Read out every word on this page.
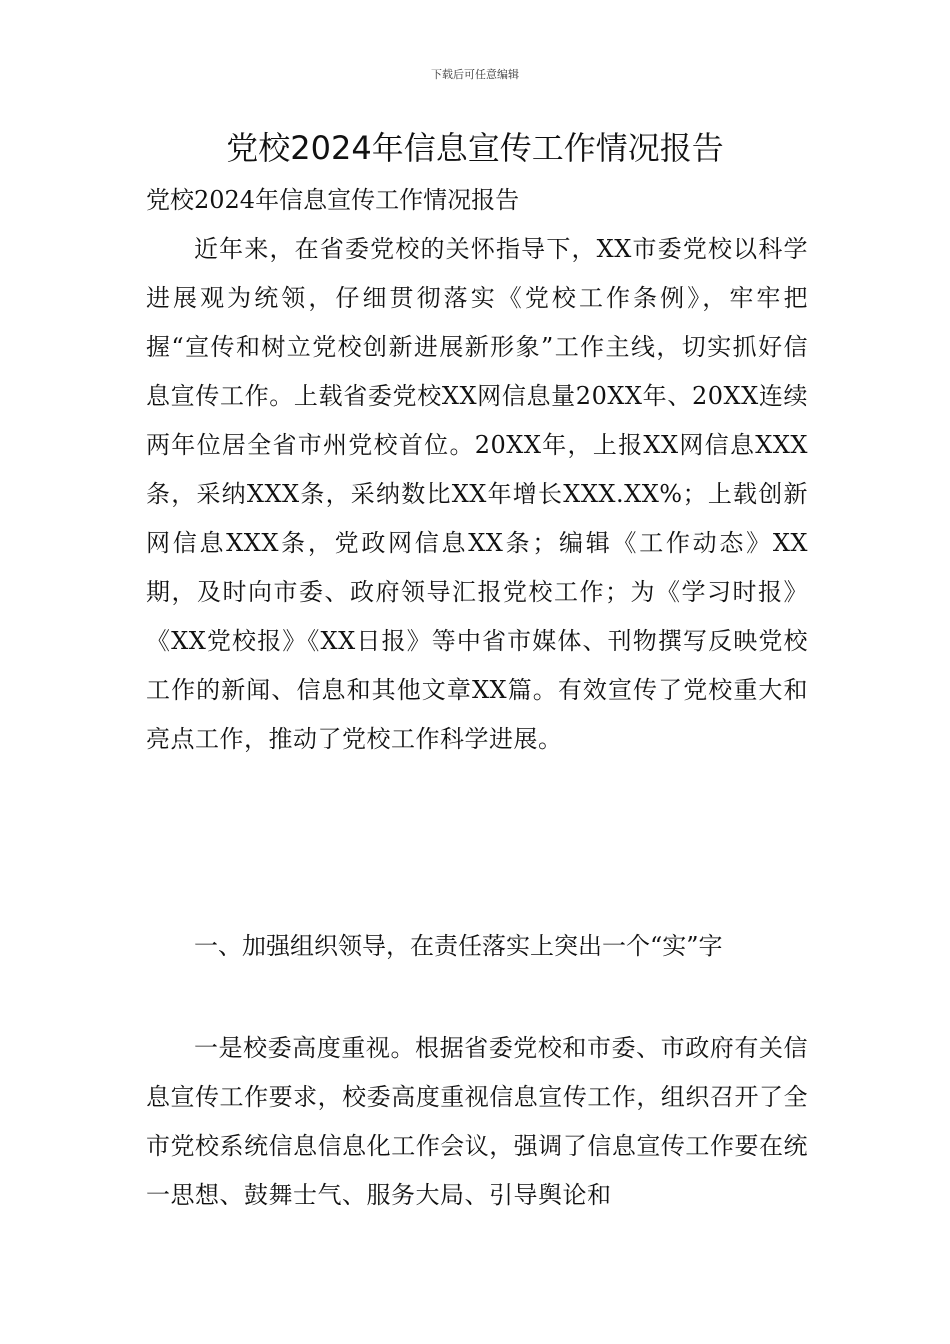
下载后可任意编辑
党校2024年信息宣传工作情况报告
党校2024年信息宣传工作情况报告

近年来，在省委党校的关怀指导下，XX市委党校以科学进展观为统领，仔细贯彻落实《党校工作条例》，牢牢把握“宣传和树立党校创新进展新形象”工作主线，切实抓好信息宣传工作。上载省委党校XX网信息量20XX年、20XX连续两年位居全省市州党校首位。20XX年，上报XX网信息XXX条，采纳XXX条，采纳数比XX年增长XXX.XX%；上载创新网信息XXX条，党政网信息XX条；编辑《工作动态》XX期，及时向市委、政府领导汇报党校工作；为《学习时报》《XX党校报》《XX日报》等中省市媒体、刊物撰写反映党校工作的新闻、信息和其他文章XX篇。有效宣传了党校重大和亮点工作，推动了党校工作科学进展。

一、加强组织领导，在责任落实上突出一个“实”字

一是校委高度重视。根据省委党校和市委、市政府有关信息宣传工作要求，校委高度重视信息宣传工作，组织召开了全市党校系统信息信息化工作会议，强调了信息宣传工作要在统一思想、鼓舞士气、服务大局、引导舆论和
